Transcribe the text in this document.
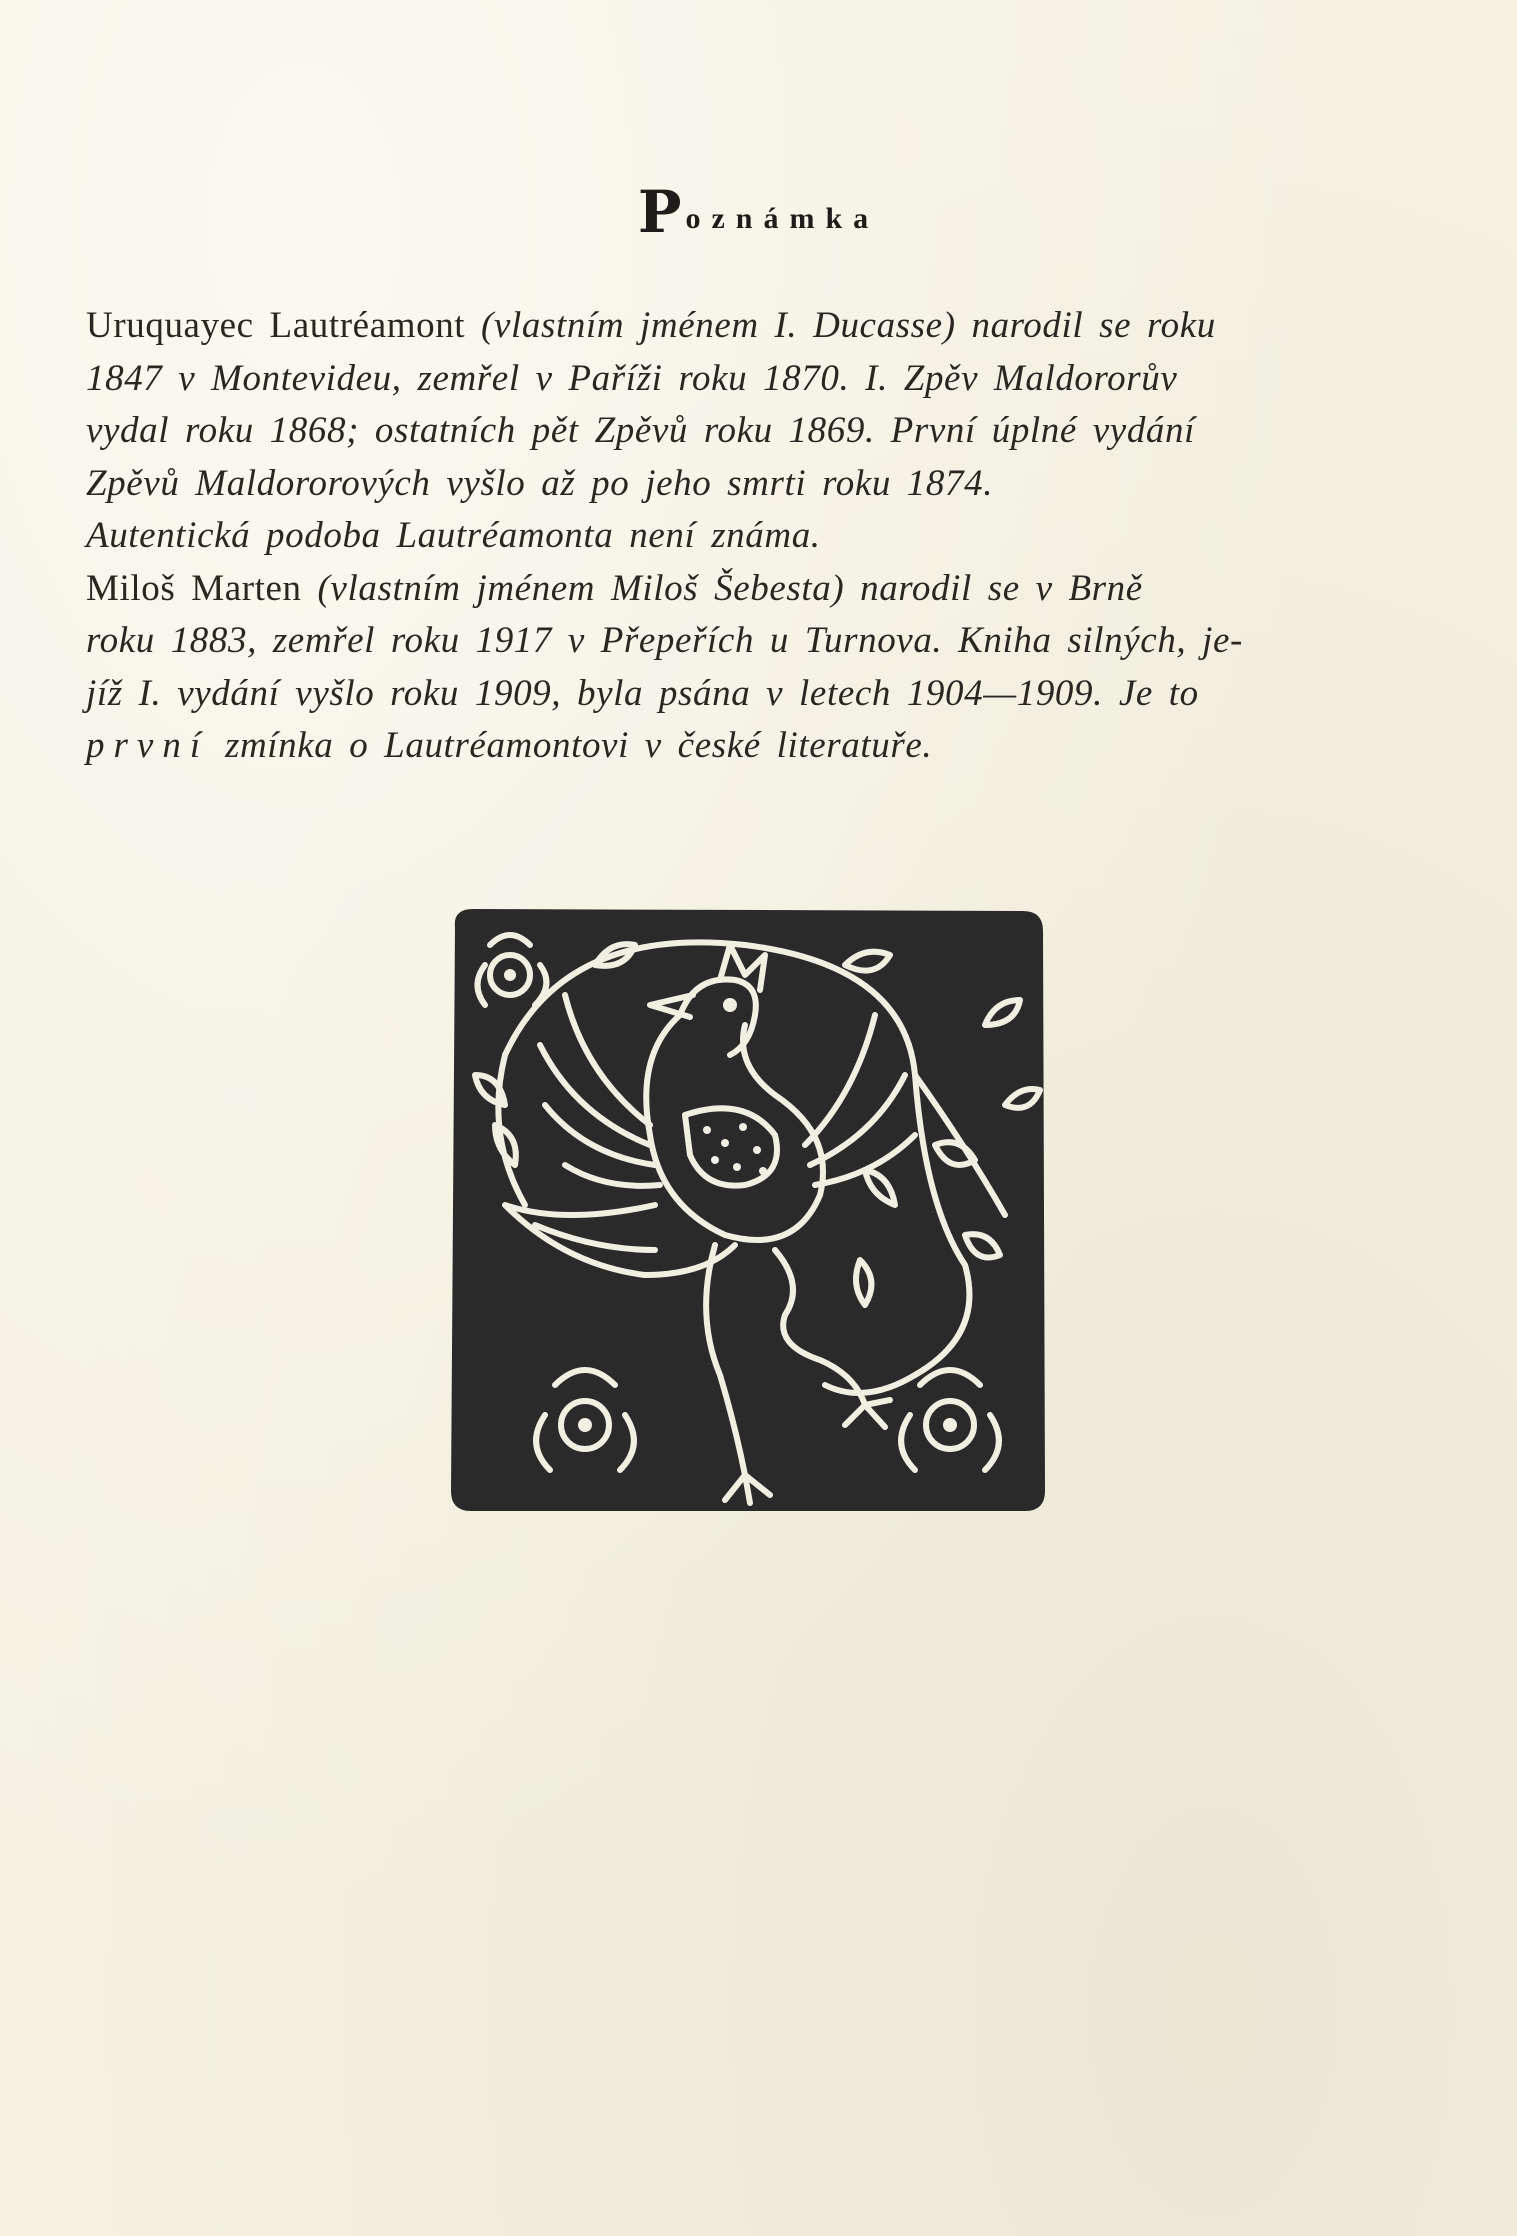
Poznámka
Uruquayec Lautréamont (vlastním jménem I. Ducasse) narodil se roku
1847 v Montevideu, zemřel v Paříži roku 1870. I. Zpěv Maldororův
vydal roku 1868; ostatních pět Zpěvů roku 1869. První úplné vydání
Zpěvů Maldororových vyšlo až po jeho smrti roku 1874.
Autentická podoba Lautréamonta není známa.
Miloš Marten (vlastním jménem Miloš Šebesta) narodil se v Brně
roku 1883, zemřel roku 1917 v Přepeřích u Turnova. Kniha silných, je-
jíž I. vydání vyšlo roku 1909, byla psána v letech 1904—1909. Je to
první zmínka o Lautréamontovi v české literatuře.
